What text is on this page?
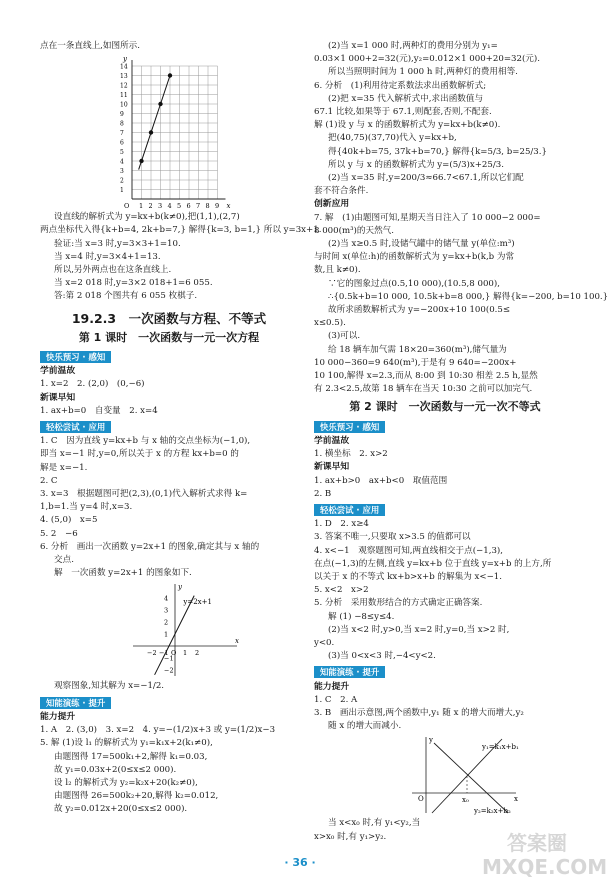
点在一条直线上,如图所示.
O 1 2 3 4 5 6 7 8 9
1
2
3
4
5
6
7
8
9
10
11
12
13
14
x
y
设直线的解析式为 y=kx+b(k≠0),把(1,1),(2,7)
两点坐标代入得{k+b=4, 2k+b=7,} 解得{k=3, b=1,} 所以 y=3x+1.
验证:当 x=3 时,y=3×3+1=10.
当 x=4 时,y=3×4+1=13.
所以,另外两点也在这条直线上.
当 x=2 018 时,y=3×2 018+1=6 055.
答:第 2 018 个图共有 6 055 枚棋子.
19.2.3　一次函数与方程、不等式
第 1 课时　一次函数与一元一次方程
快乐预习 · 感知
学前温故
1. x=2　2. (2,0)　(0,−6)
新课早知
1. ax+b=0　自变量　2. x=4
轻松尝试 · 应用
1. C　因为直线 y=kx+b 与 x 轴的交点坐标为(−1,0),
即当 x=−1 时,y=0,所以关于 x 的方程 kx+b=0 的
解是 x=−1.
2. C
3. x=3　根据题图可把(2,3),(0,1)代入解析式求得 k=
1,b=1.当 y=4 时,x=3.
4. (5,0)　x=5
5. 2　−6
6. 分析　画出一次函数 y=2x+1 的图象,确定其与 x 轴的
交点.
解　一次函数 y=2x+1 的图象如下.
−2 −1 O 1 2
4
3
2
1
−1
−2
x
y
y=2x+1
观察图象,知其解为 x=−1/2.
知能演练 · 提升
能力提升
1. A　2. (3,0)　3. x=2　4. y=−(1/2)x+3 或 y=(1/2)x−3
5. 解 (1)设 l₁ 的解析式为 y₁=k₁x+2(k₁≠0),
由题图得 17=500k₁+2,解得 k₁=0.03,
故 y₁=0.03x+2(0≤x≤2 000).
设 l₂ 的解析式为 y₂=k₂x+20(k₂≠0),
由题图得 26=500k₂+20,解得 k₂=0.012,
故 y₂=0.012x+20(0≤x≤2 000).
(2)当 x=1 000 时,两种灯的费用分别为 y₁=
0.03×1 000+2=32(元),y₂=0.012×1 000+20=32(元).
所以当照明时间为 1 000 h 时,两种灯的费用相等.
6. 分析　(1)利用待定系数法求出函数解析式;
(2)把 x=35 代入解析式中,求出函数值与
67.1 比较,如果等于 67.1,则配套,否则,不配套.
解 (1)设 y 与 x 的函数解析式为 y=kx+b(k≠0).
把(40,75)(37,70)代入 y=kx+b,
得{40k+b=75, 37k+b=70,} 解得{k=5/3, b=25/3.}
所以 y 与 x 的函数解析式为 y=(5/3)x+25/3.
(2)当 x=35 时,y=200/3≈66.7<67.1,所以它们配
套不符合条件.
创新应用
7. 解　(1)由题图可知,星期天当日注入了 10 000−2 000=
8 000(m³)的天然气.
(2)当 x≥0.5 时,设储气罐中的储气量 y(单位:m³)
与时间 x(单位:h)的函数解析式为 y=kx+b(k,b 为常
数,且 k≠0).
∵它的图象过点(0.5,10 000),(10.5,8 000),
∴{0.5k+b=10 000, 10.5k+b=8 000,} 解得{k=−200, b=10 100.}
故所求函数解析式为 y=−200x+10 100(0.5≤
x≤0.5).
(3)可以.
给 18 辆车加气需 18×20=360(m³),储气量为
10 000−360=9 640(m³),于是有 9 640=−200x+
10 100,解得 x=2.3,而从 8:00 到 10:30 相差 2.5 h,显然
有 2.3<2.5,故第 18 辆车在当天 10:30 之前可以加完气.
第 2 课时　一次函数与一元一次不等式
快乐预习 · 感知
学前温故
1. 横坐标　2. x>2
新课早知
1. ax+b>0　ax+b<0　取值范围
2. B
轻松尝试 · 应用
1. D　2. x≥4
3. 答案不唯一,只要取 x>3.5 的值都可以
4. x<−1　观察题图可知,两直线相交于点(−1,3),
在点(−1,3)的左侧,直线 y=kx+b 位于直线 y=x+b 的上方,所
以关于 x 的不等式 kx+b>x+b 的解集为 x<−1.
5. x<2　x>2
5. 分析　采用数形结合的方式确定正确答案.
解 (1) −8≤y≤4.
(2)当 x<2 时,y>0,当 x=2 时,y=0,当 x>2 时,
y<0.
(3)当 0<x<3 时,−4<y<2.
知能演练 · 提升
能力提升
1. C　2. A
3. B　画出示意图,两个函数中,y₁ 随 x 的增大而增大,y₂
随 x 的增大而减小.
y₁=k₁x+b₁
y₂=k₂x+b₂
x₀
O	x
y
当 x<x₀ 时,有 y₁<y₂,当
x>x₀ 时,有 y₁>y₂.
· 36 ·
答案圈 MXQE.COM
